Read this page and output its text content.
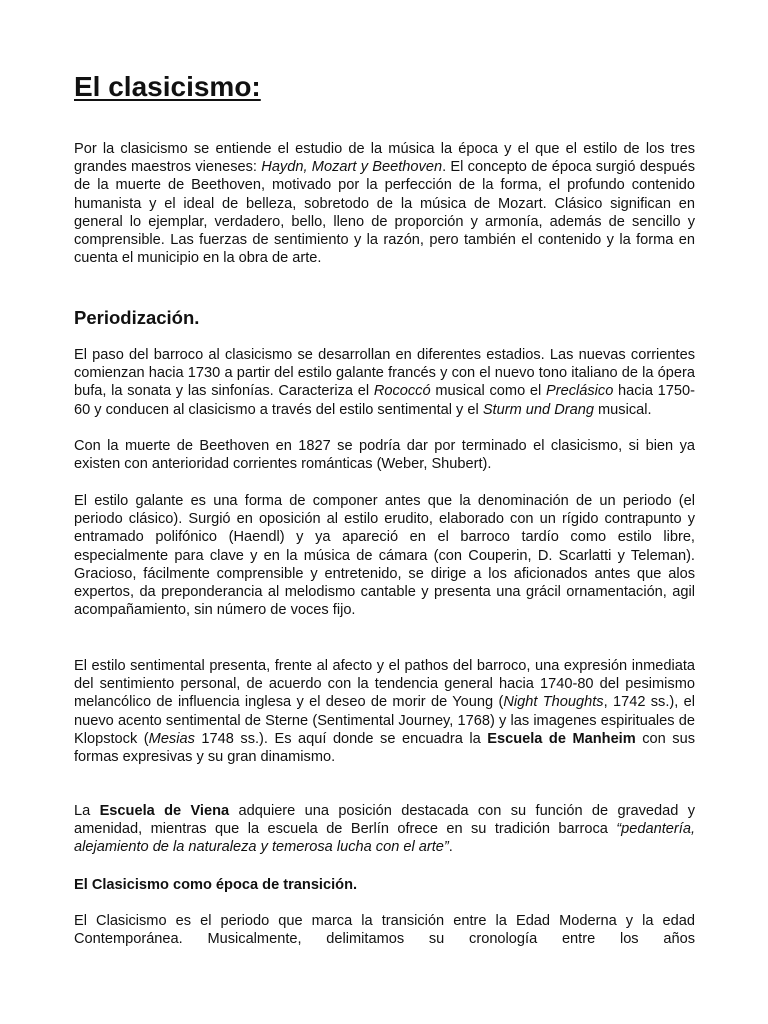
El clasicismo:

Por la clasicismo se entiende el estudio de la música la época y el que el estilo de los tres grandes maestros vieneses: Haydn, Mozart y Beethoven. El concepto de época surgió después de la muerte de Beethoven, motivado por la perfección de la forma, el profundo contenido humanista y el ideal de belleza, sobretodo de la música de Mozart. Clásico significan en general lo ejemplar, verdadero, bello, lleno de proporción y armonía, además de sencillo y comprensible. Las fuerzas de sentimiento y la razón, pero también el contenido y la forma en cuenta el municipio en la obra de arte.

Periodización.

El paso del barroco al clasicismo se desarrollan en diferentes estadios. Las nuevas corrientes comienzan hacia 1730 a partir del estilo galante francés y con el nuevo tono italiano de la ópera bufa, la sonata y las sinfonías. Caracteriza el Rococcó musical como el Preclásico hacia 1750-60 y conducen al clasicismo a través del estilo sentimental y el Sturm und Drang musical.

Con la muerte de Beethoven en 1827 se podría dar por terminado el clasicismo, si bien ya existen con anterioridad corrientes románticas (Weber, Shubert).

El estilo galante es una forma de componer antes que la denominación de un periodo (el periodo clásico). Surgió en oposición al estilo erudito, elaborado con un rígido contrapunto y entramado polifónico (Haendl) y ya apareció en el barroco tardío como estilo libre, especialmente para clave y en la música de cámara (con Couperin, D. Scarlatti y Teleman). Gracioso, fácilmente comprensible y entretenido, se dirige a los aficionados antes que alos expertos, da preponderancia al melodismo cantable y presenta una grácil ornamentación, agil acompañamiento, sin número de voces fijo.

El estilo sentimental presenta, frente al afecto y el pathos del barroco, una expresión inmediata del sentimiento personal, de acuerdo con la tendencia general hacia 1740-80 del pesimismo melancólico de influencia inglesa y el deseo de morir de Young (Night Thoughts, 1742 ss.), el nuevo acento sentimental de Sterne (Sentimental Journey, 1768) y las imagenes espirituales de Klopstock (Mesias 1748 ss.). Es aquí donde se encuadra la Escuela de Manheim con sus formas expresivas y su gran dinamismo.

La Escuela de Viena adquiere una posición destacada con su función de gravedad y amenidad, mientras que la escuela de Berlín ofrece en su tradición barroca “pedantería, alejamiento de la naturaleza y temerosa lucha con el arte”.

El Clasicismo como época de transición.

El Clasicismo es el periodo que marca la transición entre la Edad Moderna y la edad Contemporánea. Musicalmente, delimitamos su cronología entre los años
